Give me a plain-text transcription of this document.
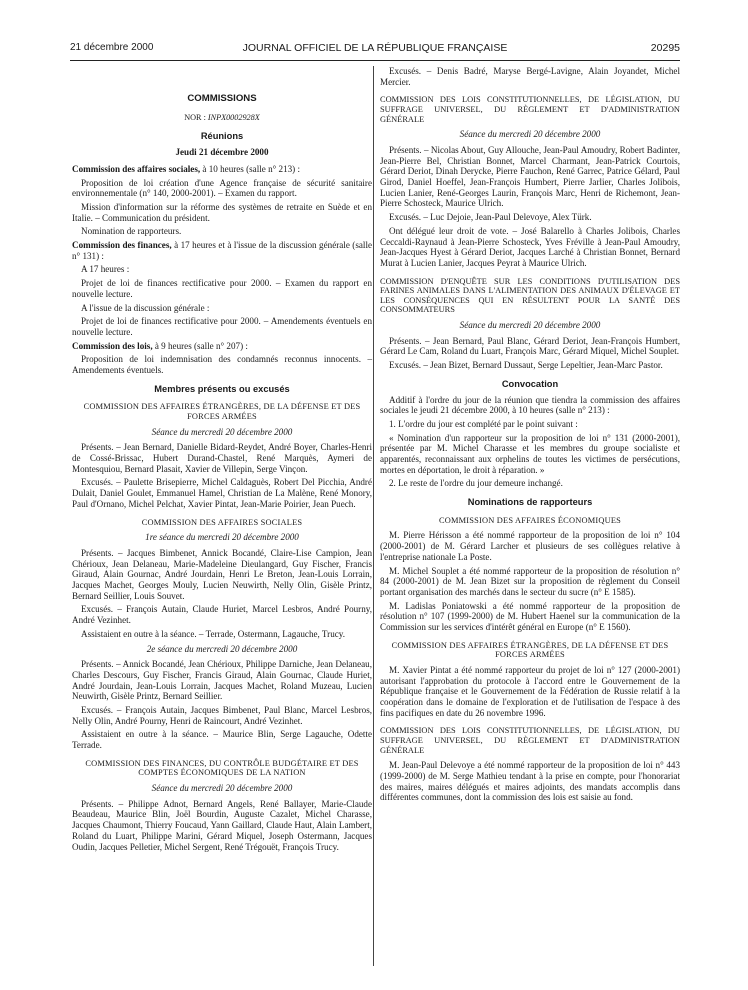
21 décembre 2000	JOURNAL OFFICIEL DE LA RÉPUBLIQUE FRANÇAISE	20295
COMMISSIONS
NOR : INPX0002928X
Réunions
Jeudi 21 décembre 2000

Commission des affaires sociales, à 10 heures (salle n° 213) :

Proposition de loi création d'une Agence française de sécurité sanitaire environnementale (n° 140, 2000-2001). – Examen du rapport.

Mission d'information sur la réforme des systèmes de retraite en Suède et en Italie. – Communication du président.

Nomination de rapporteurs.

Commission des finances, à 17 heures et à l'issue de la discussion générale (salle n° 131) :

A 17 heures :

Projet de loi de finances rectificative pour 2000. – Examen du rapport en nouvelle lecture.

A l'issue de la discussion générale :

Projet de loi de finances rectificative pour 2000. – Amendements éventuels en nouvelle lecture.

Commission des lois, à 9 heures (salle n° 207) :

Proposition de loi indemnisation des condamnés reconnus innocents. – Amendements éventuels.

Membres présents ou excusés
COMMISSION DES AFFAIRES ÉTRANGÈRES, DE LA DÉFENSE ET DES FORCES ARMÉES
Séance du mercredi 20 décembre 2000

Présents. – Jean Bernard, Danielle Bidard-Reydet, André Boyer, Charles-Henri de Cossé-Brissac, Hubert Durand-Chastel, René Marquès, Aymeri de Montesquiou, Bernard Plasait, Xavier de Villepin, Serge Vinçon.

Excusés. – Paulette Brisepierre, Michel Caldaguès, Robert Del Picchia, André Dulait, Daniel Goulet, Emmanuel Hamel, Christian de La Malène, René Monory, Paul d'Ornano, Michel Pelchat, Xavier Pintat, Jean-Marie Poirier, Jean Puech.

COMMISSION DES AFFAIRES SOCIALES
1re séance du mercredi 20 décembre 2000

Présents. – Jacques Bimbenet, Annick Bocandé, Claire-Lise Campion, Jean Chérioux, Jean Delaneau, Marie-Madeleine Dieulangard, Guy Fischer, Francis Giraud, Alain Gournac, André Jourdain, Henri Le Breton, Jean-Louis Lorrain, Jacques Machet, Georges Mouly, Lucien Neuwirth, Nelly Olin, Gisèle Printz, Bernard Seillier, Louis Souvet.

Excusés. – François Autain, Claude Huriet, Marcel Lesbros, André Pourny, André Vezinhet.

Assistaient en outre à la séance. – Terrade, Ostermann, Lagauche, Trucy.

2e séance du mercredi 20 décembre 2000

Présents. – Annick Bocandé, Jean Chérioux, Philippe Darniche, Jean Delaneau, Charles Descours, Guy Fischer, Francis Giraud, Alain Gournac, Claude Huriet, André Jourdain, Jean-Louis Lorrain, Jacques Machet, Roland Muzeau, Lucien Neuwirth, Gisèle Printz, Bernard Seillier.

Excusés. – François Autain, Jacques Bimbenet, Paul Blanc, Marcel Lesbros, Nelly Olin, André Pourny, Henri de Raincourt, André Vezinhet.

Assistaient en outre à la séance. – Maurice Blin, Serge Lagauche, Odette Terrade.

COMMISSION DES FINANCES, DU CONTRÔLE BUDGÉTAIRE ET DES COMPTES ÉCONOMIQUES DE LA NATION
Séance du mercredi 20 décembre 2000

Présents. – Philippe Adnot, Bernard Angels, René Ballayer, Marie-Claude Beaudeau, Maurice Blin, Joël Bourdin, Auguste Cazalet, Michel Charasse, Jacques Chaumont, Thierry Foucaud, Yann Gaillard, Claude Haut, Alain Lambert, Roland du Luart, Philippe Marini, Gérard Miquel, Joseph Ostermann, Jacques Oudin, Jacques Pelletier, Michel Sergent, René Trégouët, François Trucy.

Excusés. – Denis Badré, Maryse Bergé-Lavigne, Alain Joyandet, Michel Mercier.

COMMISSION DES LOIS CONSTITUTIONNELLES, DE LÉGISLATION, DU SUFFRAGE UNIVERSEL, DU RÈGLEMENT ET D'ADMINISTRATION GÉNÉRALE
Séance du mercredi 20 décembre 2000

Présents. – Nicolas About, Guy Allouche, Jean-Paul Amoudry, Robert Badinter, Jean-Pierre Bel, Christian Bonnet, Marcel Charmant, Jean-Patrick Courtois, Gérard Deriot, Dinah Derycke, Pierre Fauchon, René Garrec, Patrice Gélard, Paul Girod, Daniel Hoeffel, Jean-François Humbert, Pierre Jarlier, Charles Jolibois, Lucien Lanier, René-Georges Laurin, François Marc, Henri de Richemont, Jean-Pierre Schosteck, Maurice Ulrich.

Excusés. – Luc Dejoie, Jean-Paul Delevoye, Alex Türk.

Ont délégué leur droit de vote. – José Balarello à Charles Jolibois, Charles Ceccaldi-Raynaud à Jean-Pierre Schosteck, Yves Fréville à Jean-Paul Amoudry, Jean-Jacques Hyest à Gérard Deriot, Jacques Larché à Christian Bonnet, Bernard Murat à Lucien Lanier, Jacques Peyrat à Maurice Ulrich.

COMMISSION D'ENQUÊTE SUR LES CONDITIONS D'UTILISATION DES FARINES ANIMALES DANS L'ALIMENTATION DES ANIMAUX D'ÉLEVAGE ET LES CONSÉQUENCES QUI EN RÉSULTENT POUR LA SANTÉ DES CONSOMMATEURS
Séance du mercredi 20 décembre 2000

Présents. – Jean Bernard, Paul Blanc, Gérard Deriot, Jean-François Humbert, Gérard Le Cam, Roland du Luart, François Marc, Gérard Miquel, Michel Souplet.

Excusés. – Jean Bizet, Bernard Dussaut, Serge Lepeltier, Jean-Marc Pastor.

Convocation

Additif à l'ordre du jour de la réunion que tiendra la commission des affaires sociales le jeudi 21 décembre 2000, à 10 heures (salle n° 213) :

1. L'ordre du jour est complété par le point suivant :

« Nomination d'un rapporteur sur la proposition de loi n° 131 (2000-2001), présentée par M. Michel Charasse et les membres du groupe socialiste et apparentés, reconnaissant aux orphelins de toutes les victimes de persécutions, mortes en déportation, le droit à réparation. »

2. Le reste de l'ordre du jour demeure inchangé.

Nominations de rapporteurs
COMMISSION DES AFFAIRES ÉCONOMIQUES

M. Pierre Hérisson a été nommé rapporteur de la proposition de loi n° 104 (2000-2001) de M. Gérard Larcher et plusieurs de ses collègues relative à l'entreprise nationale La Poste.

M. Michel Souplet a été nommé rapporteur de la proposition de résolution n° 84 (2000-2001) de M. Jean Bizet sur la proposition de règlement du Conseil portant organisation des marchés dans le secteur du sucre (n° E 1585).

M. Ladislas Poniatowski a été nommé rapporteur de la proposition de résolution n° 107 (1999-2000) de M. Hubert Haenel sur la communication de la Commission sur les services d'intérêt général en Europe (n° E 1560).

COMMISSION DES AFFAIRES ÉTRANGÈRES, DE LA DÉFENSE ET DES FORCES ARMÉES

M. Xavier Pintat a été nommé rapporteur du projet de loi n° 127 (2000-2001) autorisant l'approbation du protocole à l'accord entre le Gouvernement de la République française et le Gouvernement de la Fédération de Russie relatif à la coopération dans le domaine de l'exploration et de l'utilisation de l'espace à des fins pacifiques en date du 26 novembre 1996.

COMMISSION DES LOIS CONSTITUTIONNELLES, DE LÉGISLATION, DU SUFFRAGE UNIVERSEL, DU RÈGLEMENT ET D'ADMINISTRATION GÉNÉRALE

M. Jean-Paul Delevoye a été nommé rapporteur de la proposition de loi n° 443 (1999-2000) de M. Serge Mathieu tendant à la prise en compte, pour l'honorariat des maires, maires délégués et maires adjoints, des mandats accomplis dans différentes communes, dont la commission des lois est saisie au fond.
